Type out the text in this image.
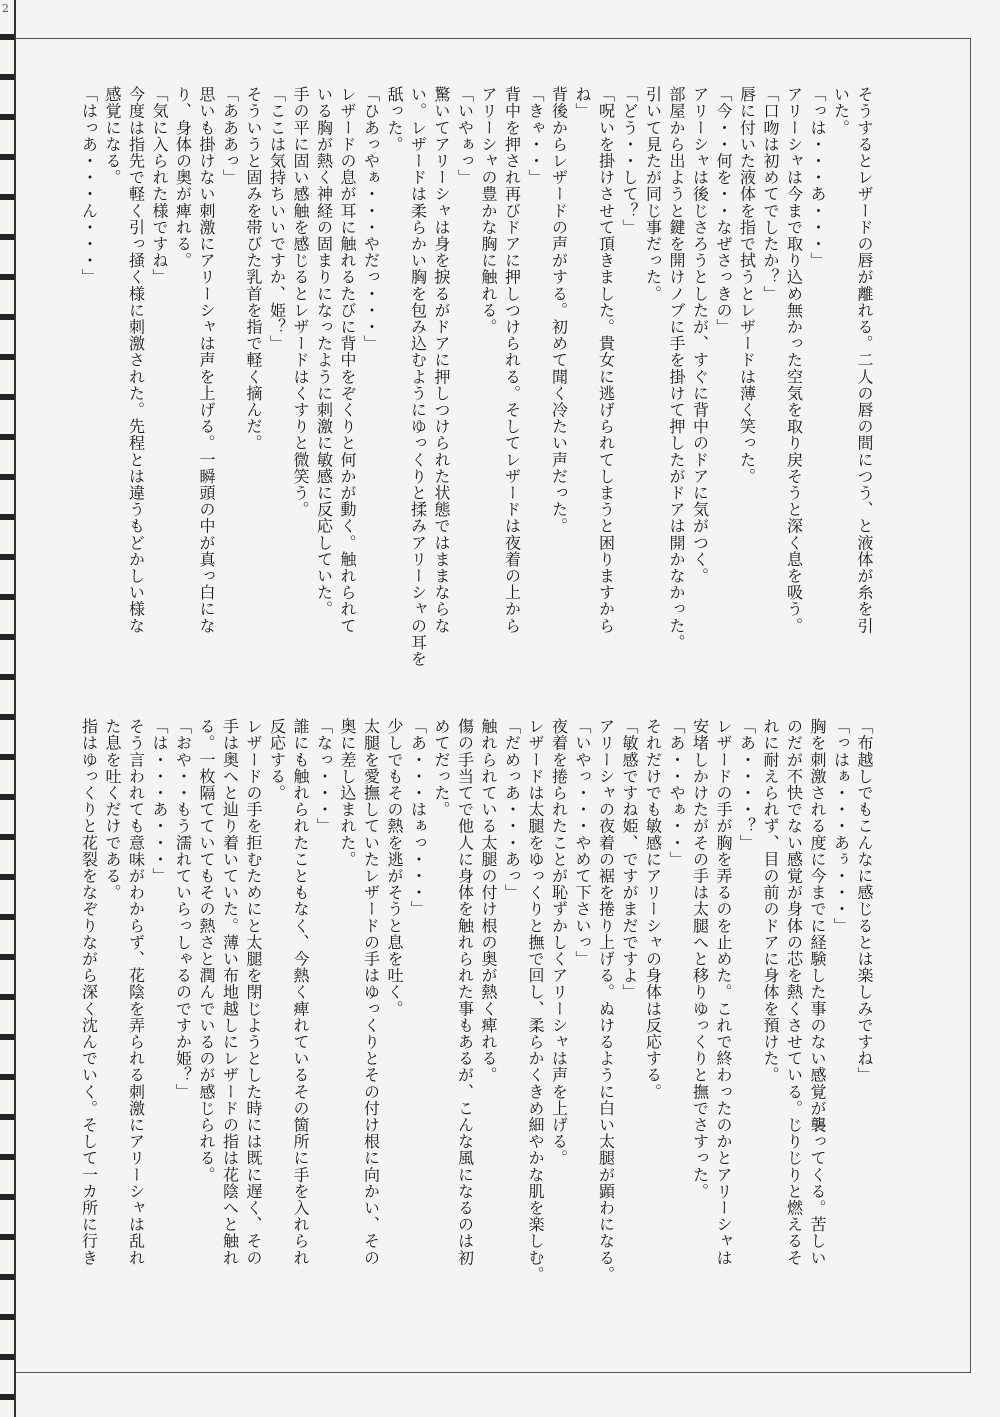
2

そうするとレザードの唇が離れる。二人の唇の間につう、と液体が糸を引

いた。

「っは・・・あ・・・」

アリーシャは今まで取り込め無かった空気を取り戻そうと深く息を吸う。

「口吻は初めてでしたか？」

唇に付いた液体を指で拭うとレザードは薄く笑った。

「今・・何を・・なぜさっきの」

アリーシャは後じさろうとしたが、すぐに背中のドアに気がつく。

部屋から出ようと鍵を開けノブに手を掛けて押したがドアは開かなかった。

引いて見たが同じ事だった。

「どう・・して？」

「呪いを掛けさせて頂きました。貴女に逃げられてしまうと困りますから

ね」

背後からレザードの声がする。初めて聞く冷たい声だった。

「きゃ・・」

背中を押され再びドアに押しつけられる。そしてレザードは夜着の上から

アリーシャの豊かな胸に触れる。

「いやぁっ」

驚いてアリーシャは身を捩るがドアに押しつけられた状態ではままならな

い。レザードは柔らかい胸を包み込むようにゆっくりと揉みアリーシャの耳を

舐った。

「ひあっやぁ・・・やだっ・・・」

レザードの息が耳に触れるたびに背中をぞくりと何かが動く。触れられて

いる胸が熱く神経の固まりになったように刺激に敏感に反応していた。

手の平に固い感触を感じるとレザードはくすりと微笑う。

「ここは気持ちいいですか、姫？」

そういうと固みを帯びた乳首を指で軽く摘んだ。

「あああっ」

思いも掛けない刺激にアリーシャは声を上げる。一瞬頭の中が真っ白にな

り、身体の奥が痺れる。

「気に入られた様ですね」

今度は指先で軽く引っ掻く様に刺激された。先程とは違うもどかしい様な

感覚になる。

「はっあ・・・ん・・・」

「布越しでもこんなに感じるとは楽しみですね」

「っはぁ・・・あぅ・・・」

胸を刺激される度に今までに経験した事のない感覚が襲ってくる。苦しい

のだが不快でない感覚が身体の芯を熱くさせている。じりじりと燃えるそ

れに耐えられず、目の前のドアに身体を預けた。

「あ・・・・？」

レザードの手が胸を弄るのを止めた。これで終わったのかとアリーシャは

安堵しかけたがその手は太腿へと移りゆっくりと撫でさすった。

「あ・・やぁ・・」

それだけでも敏感にアリーシャの身体は反応する。

「敏感ですね姫、ですがまだですよ」

アリーシャの夜着の裾を捲り上げる。ぬけるように白い太腿が顕わになる。

「いやっ・・・やめて下さいっ」

夜着を捲られたことが恥ずかしくアリーシャは声を上げる。

レザードは太腿をゆっくりと撫で回し、柔らかくきめ細やかな肌を楽しむ。

「だめっあ・・・あっ」

触れられている太腿の付け根の奥が熱く痺れる。

傷の手当てで他人に身体を触れられた事もあるが、こんな風になるのは初

めてだった。

「あ・・・はぁっ・・・」

少しでもその熱を逃がそうと息を吐く。

太腿を愛撫していたレザードの手はゆっくりとその付け根に向かい、その

奥に差し込まれた。

「なっ・・・」

誰にも触れられたこともなく、今熱く痺れているその箇所に手を入れられ

反応する。

レザードの手を拒むためにと太腿を閉じようとした時には既に遅く、その

手は奥へと辿り着いていた。薄い布地越しにレザードの指は花陰へと触れ

る。一枚隔てていてもその熱さと潤んでいるのが感じられる。

「おや・・もう濡れていらっしゃるのですか姫？」

「は・・・あ・・・」

そう言われても意味がわからず、花陰を弄られる刺激にアリーシャは乱れ

た息を吐くだけである。

指はゆっくりと花裂をなぞりながら深く沈んでいく。そして一カ所に行き
